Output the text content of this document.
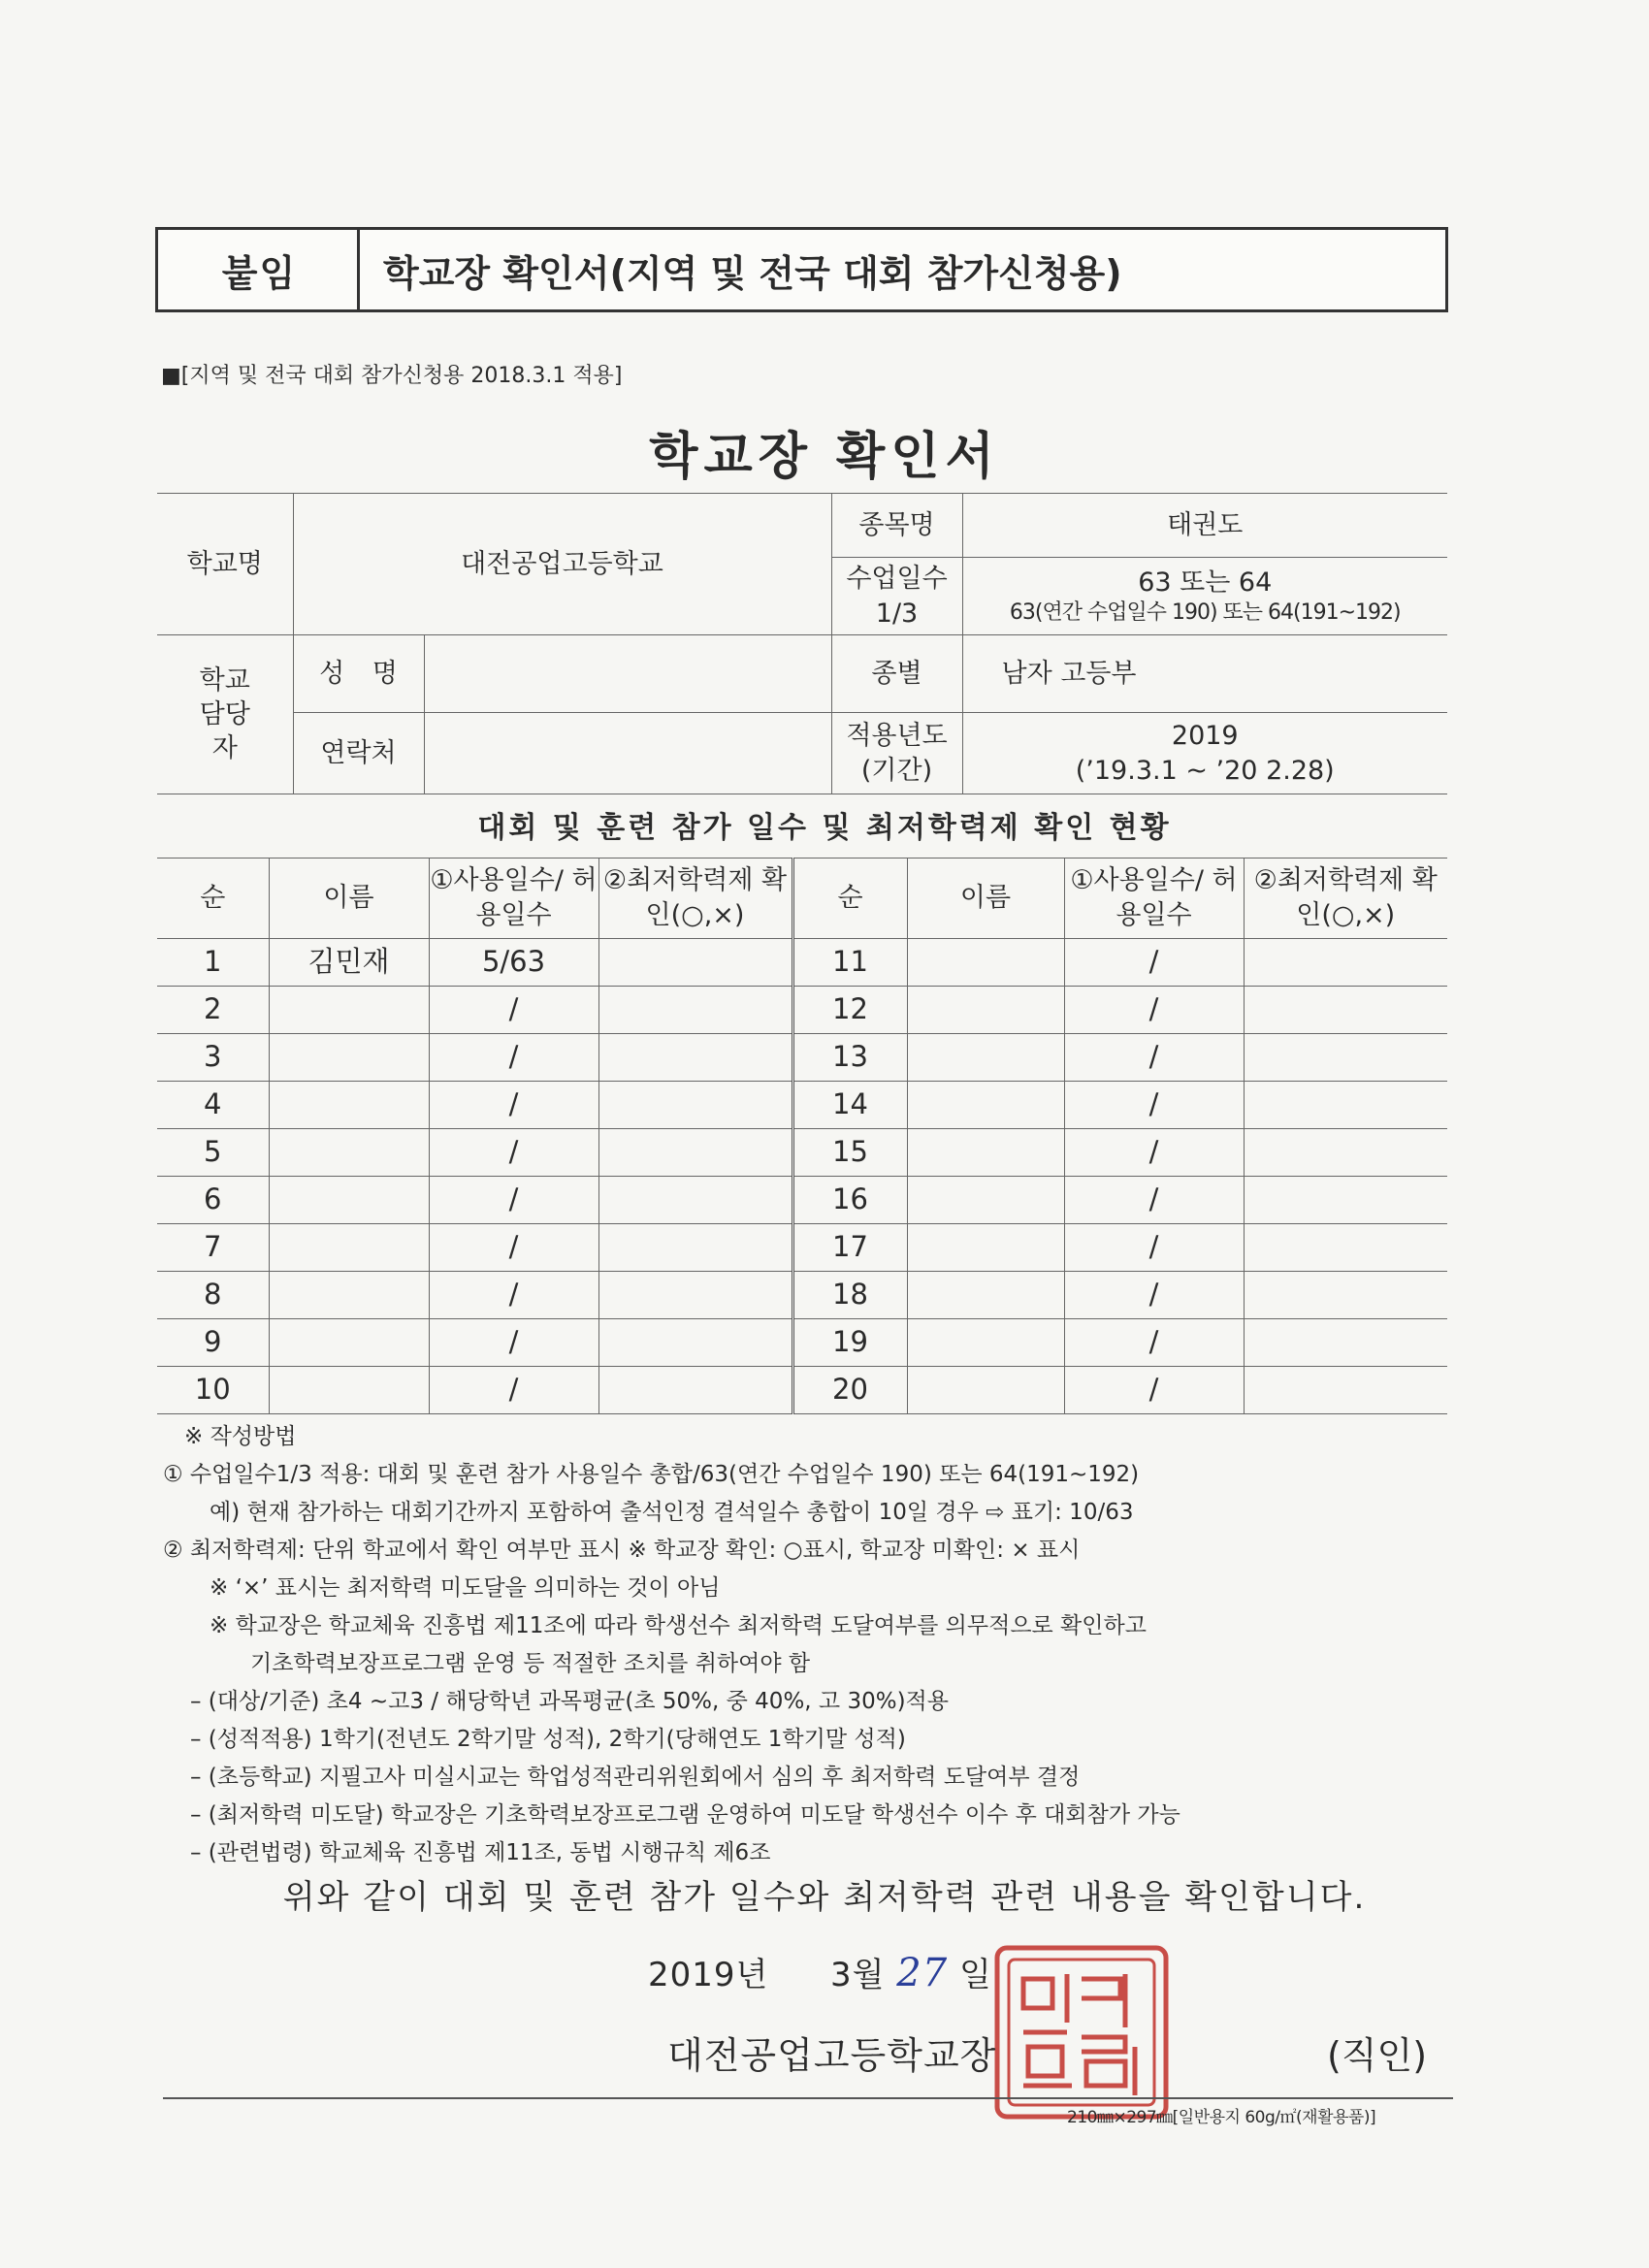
붙임 학교장 확인서(지역 및 전국 대회 참가신청용)
■[지역 및 전국 대회 참가신청용 2018.3.1 적용]
학교장 확인서
학교명	대전공업고등학교		종목명	태권도
			수업일수 1/3	63 또는 64
63(연간 수업일수 190) 또는 64(191~192)

학교 담당자	성 명		종별	남자 고등부
	연락처		적용년도 (기간)	2019
(’19.3.1 ~ ’20 2.28)
대회 및 훈련 참가 일수 및 최저학력제 확인 현황
순	이름	①사용일수/ 허용일수	②최저학력제 확인(○,×)	순	이름	①사용일수/ 허용일수	②최저학력제 확인(○,×)
1	김민재	5/63		11		/	
2		/		12		/	
3		/		13		/	
4		/		14		/	
5		/		15		/	
6		/		16		/	
7		/		17		/	
8		/		18		/	
9		/		19		/	
10		/		20		/	
※ 작성방법
① 수업일수1/3 적용: 대회 및 훈련 참가 사용일수 총합/63(연간 수업일수 190) 또는 64(191~192)
예) 현재 참가하는 대회기간까지 포함하여 출석인정 결석일수 총합이 10일 경우 ⇨ 표기: 10/63
② 최저학력제: 단위 학교에서 확인 여부만 표시 ※ 학교장 확인: ○표시, 학교장 미확인: × 표시
※ ‘×’ 표시는 최저학력 미도달을 의미하는 것이 아님
※ 학교장은 학교체육 진흥법 제11조에 따라 학생선수 최저학력 도달여부를 의무적으로 확인하고
기초학력보장프로그램 운영 등 적절한 조치를 취하여야 함
– (대상/기준) 초4 ~고3 / 해당학년 과목평균(초 50%, 중 40%, 고 30%)적용
– (성적적용) 1학기(전년도 2학기말 성적), 2학기(당해연도 1학기말 성적)
– (초등학교) 지필고사 미실시교는 학업성적관리위원회에서 심의 후 최저학력 도달여부 결정
– (최저학력 미도달) 학교장은 기초학력보장프로그램 운영하여 미도달 학생선수 이수 후 대회참가 가능
– (관련법령) 학교체육 진흥법 제11조, 동법 시행규칙 제6조
위와 같이 대회 및 훈련 참가 일수와 최저학력 관련 내용을 확인합니다.
2019년 3월 27 일
대전공업고등학교장	(직인)
210㎜×297㎜[일반용지 60g/㎡(재활용품)]
